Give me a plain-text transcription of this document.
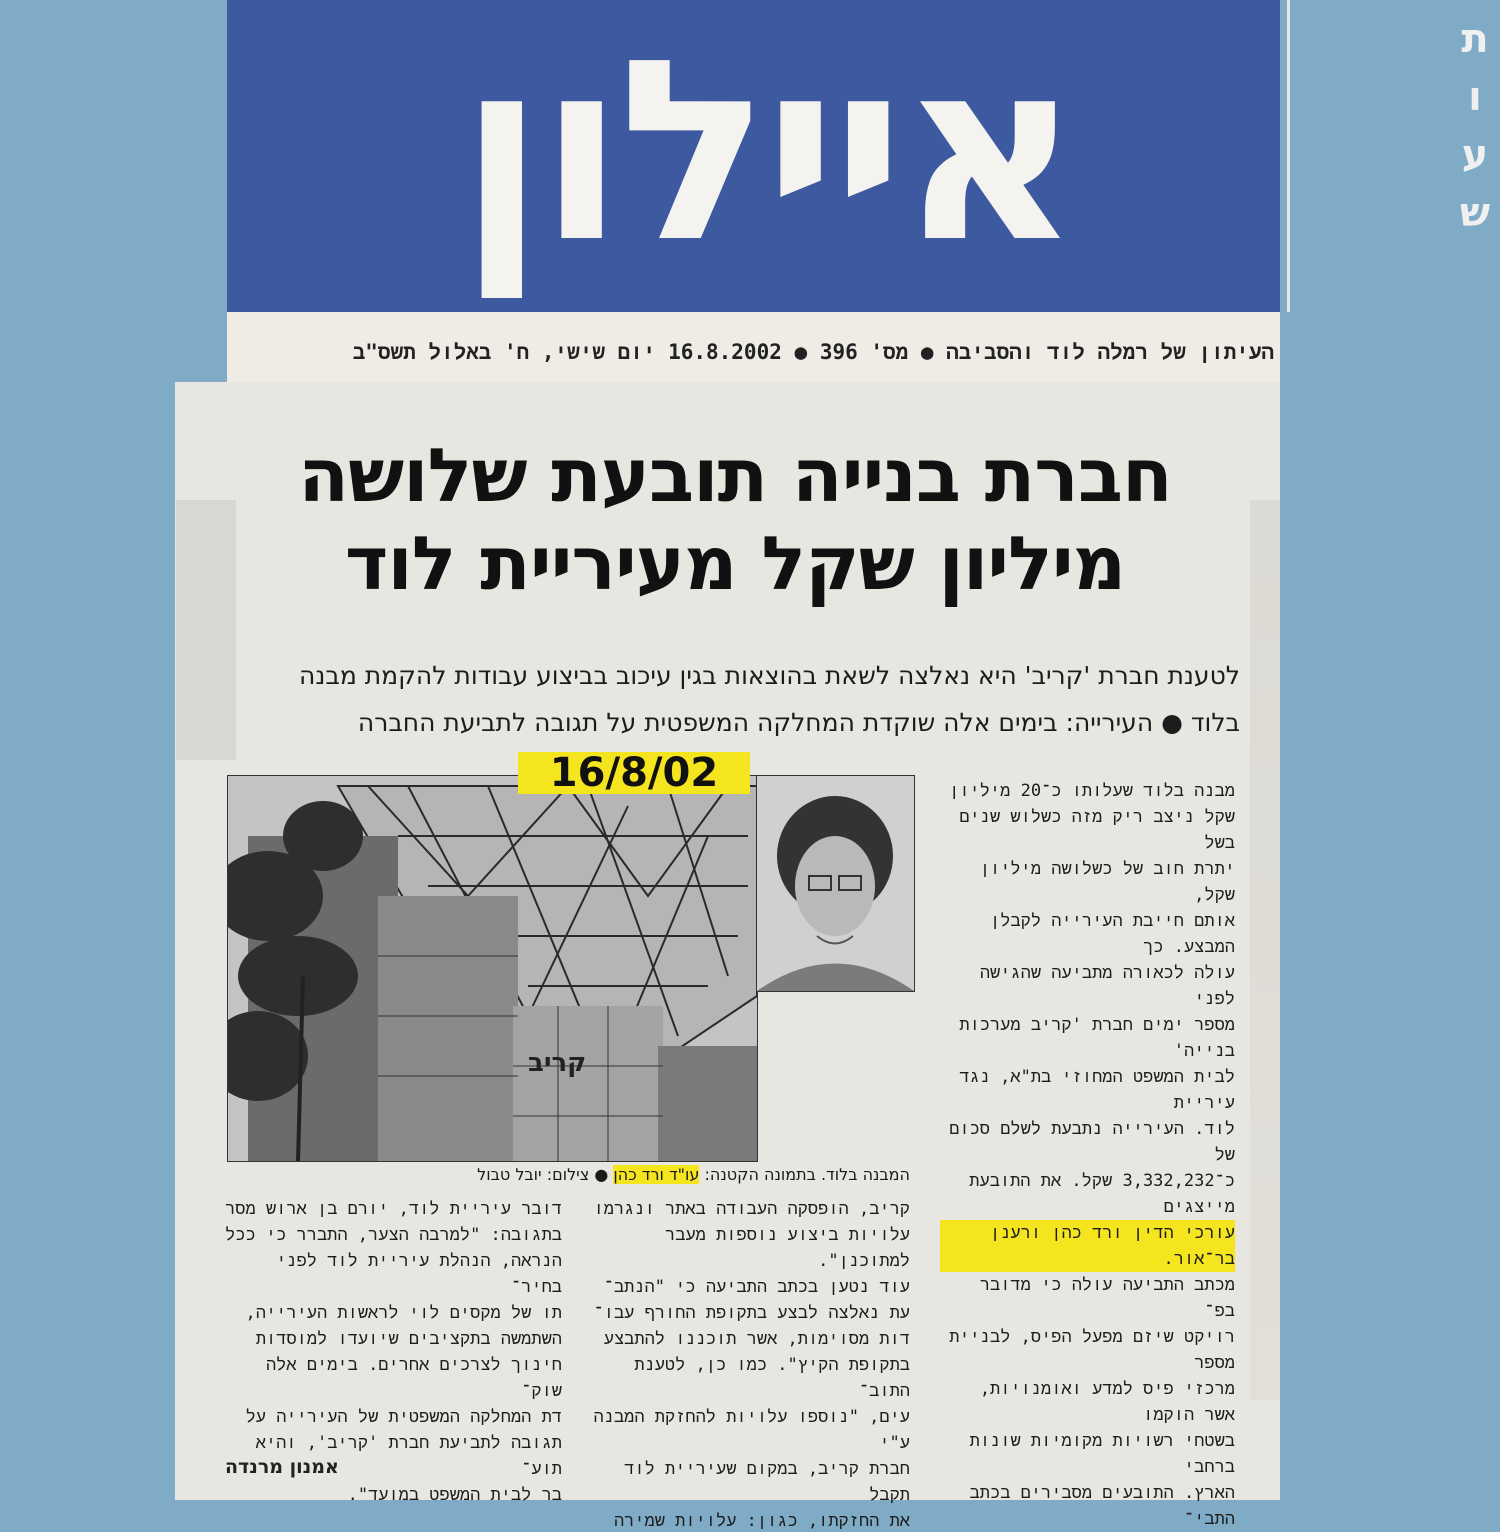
איילון	ת
ו
ע
ש
העיתון של רמלה לוד והסביבה ● מס' 396 ● 16.8.2002 יום שישי, ח' באלול תשס"ב
חברת בנייה תובעת שלושה
מיליון שקל מעיריית לוד
לטענת חברת 'קריב' היא נאלצה לשאת בהוצאות בגין עיכוב בביצוע עבודות להקמת מבנה
בלוד ● העירייה: בימים אלה שוקדת המחלקה המשפטית על תגובה לתביעת החברה
קריב
16/8/02
המבנה בלוד. בתמונה הקטנה: עו"ד ורד כהן ● צילום: יובל טבול

מבנה בלוד שעלותו כ־20 מיליון

שקל ניצב ריק מזה כשלוש שנים בשל

יתרת חוב של כשלושה מיליון שקל,

אותם חייבת העירייה לקבלן המבצע. כך

עולה לכאורה מתביעה שהגישה לפני

מספר ימים חברת 'קריב מערכות בנייה'

לבית המשפט המחוזי בת"א, נגד עיריית

לוד. העירייה נתבעת לשלם סכום של

כ־3,332,232 שקל. את התובעת מייצגים

עורכי הדין ורד כהן ורענן בר־אור.

מכתב התביעה עולה כי מדובר בפ־

רויקט שיזם מפעל הפיס, לבניית מספר

מרכזי פיס למדע ואומנויות, אשר הוקמו

בשטחי רשויות מקומיות שונות ברחבי

הארץ. התובעים מסבירים בכתב התבי־

קריב, הופסקה העבודה באתר ונגרמו

עלויות ביצוע נוספות מעבר למתוכנן".

עוד נטען בכתב התביעה כי "הנתב־

עת נאלצה לבצע בתקופת החורף עבו־

דות מסוימות, אשר תוכננו להתבצע

בתקופת הקיץ". כמו כן, לטענת התוב־

עים, "נוספו עלויות להחזקת המבנה ע"י

חברת קריב, במקום שעיריית לוד תקבל

את החזקתו, כגון: עלויות שמירה

דובר עיריית לוד, יורם בן ארוש מסר

בתגובה: "למרבה הצער, התברר כי ככל

הנראה, הנהלת עיריית לוד לפני בחיר־

תו של מקסים לוי לראשות העירייה,

השתמשה בתקציבים שיועדו למוסדות

חינוך לצרכים אחרים. בימים אלה שוק־

דת המחלקה המשפטית של העירייה על

תגובה לתביעת חברת 'קריב', והיא תוע־

בר לבית המשפט במועד".

אמנון מרנדה
